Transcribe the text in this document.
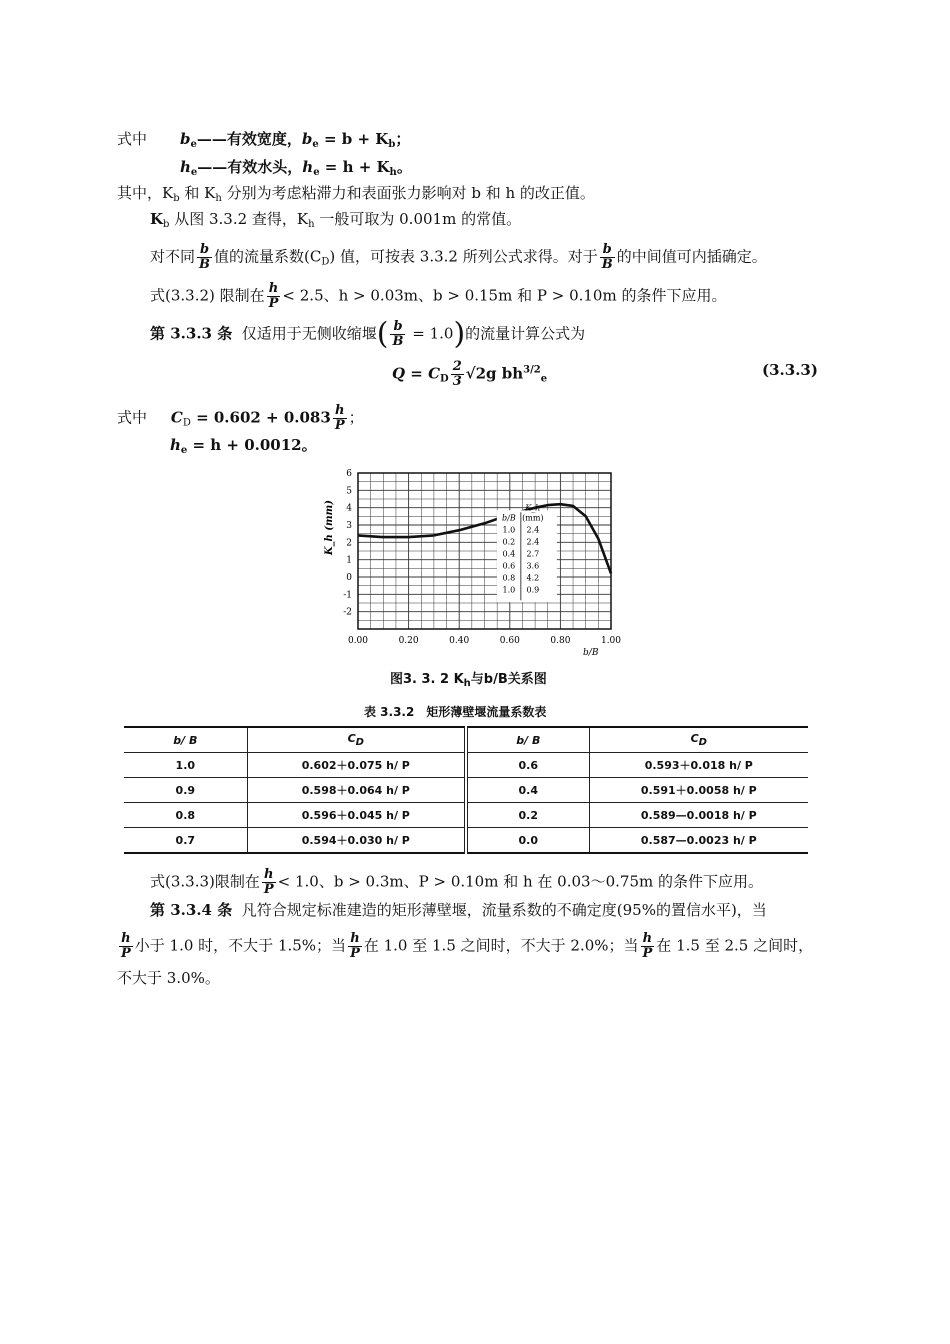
式中 $b_e——$有效宽度，$b_e = b + K_b$；
$h_e——$有效水头，$h_e = h + K_h$。
其中，$K_b$ 和 $K_h$ 分别为考虑粘滞力和表面张力影响对 b 和 h 的改正值。
$K_b$ 从图 3.3.2 查得，$K_h$ 一般可取为 0.001m 的常值。
对不同 $\frac{b}{B}$ 值的流量系数$(C_D)$ 值，可按表 3.3.2 所列公式求得。对于 $\frac{b}{B}$ 的中间值可内插确定。
式(3.3.2) 限制在 $\frac{h}{P} < 2.5$、h > 0.03m、b > 0.15m 和 P > 0.10m 的条件下应用。
第 3.3.3 条 仅适用于无侧收缩堰( $\frac{b}{B} = 1.0$)的流量计算公式为
$Q = C_D \frac{2}{3} √2g$ $bh^{3/2}_e$	(3.3.3)
式中 $C_D = 0.602 + 0.083 \frac{h}{P}$ ；
$h_e = h + 0.0012$。
6
5
4
3
2
1
0
-1
-2
0.00	0.20	0.40	0.60	0.80	1.00
b/B
K_h (mm)	K_h
b/B (mm)
1.0 2.4
0.2 2.4
0.4 2.7
0.6 3.6
0.8 4.2
1.0 0.9
图3. 3. 2 $K_h$与b/B关系图
表 3.3.2　矩形薄壁堰流量系数表
b/ B	CD	b/ B	CD
1.0	0.602＋0.075 h/ P	0.6	0.593＋0.018 h/ P
0.9	0.598＋0.064 h/ P	0.4	0.591＋0.0058 h/ P
0.8	0.596＋0.045 h/ P	0.2	0.589—0.0018 h/ P
0.7	0.594＋0.030 h/ P	0.0	0.587—0.0023 h/ P
式(3.3.3)限制在 $\frac{h}{P} < 1.0$、b > 0.3m、P > 0.10m 和 h 在 0.03～0.75m 的条件下应用。
第 3.3.4 条 凡符合规定标准建造的矩形薄壁堰，流量系数的不确定度(95%的置信水平)，当
$\frac{h}{P}$ 小于 1.0 时，不大于 1.5%；当 $\frac{h}{P}$ 在 1.0 至 1.5 之间时，不大于 2.0%；当 $\frac{h}{P}$ 在 1.5 至 2.5 之间时，
不大于 3.0%。
